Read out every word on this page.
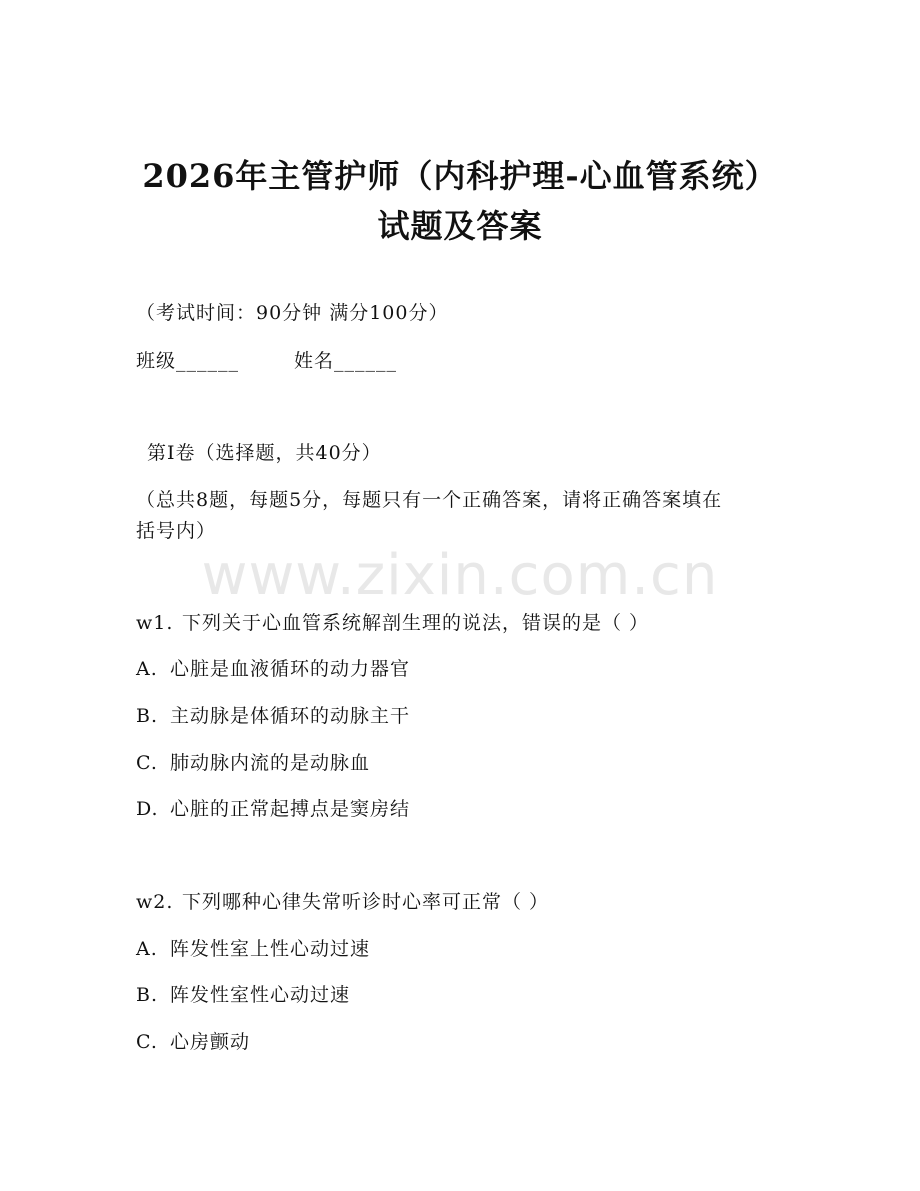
2026年主管护师（内科护理-心血管系统）
试题及答案
（考试时间：90分钟 满分100分）
班级______	姓名______
第Ⅰ卷（选择题，共40分）
（总共8题，每题5分，每题只有一个正确答案，请将正确答案填在
括号内）
www.zixin.com.cn
w1. 下列关于心血管系统解剖生理的说法，错误的是（ ）
A. 心脏是血液循环的动力器官
B. 主动脉是体循环的动脉主干
C. 肺动脉内流的是动脉血
D. 心脏的正常起搏点是窦房结
w2. 下列哪种心律失常听诊时心率可正常（ ）
A. 阵发性室上性心动过速
B. 阵发性室性心动过速
C. 心房颤动
